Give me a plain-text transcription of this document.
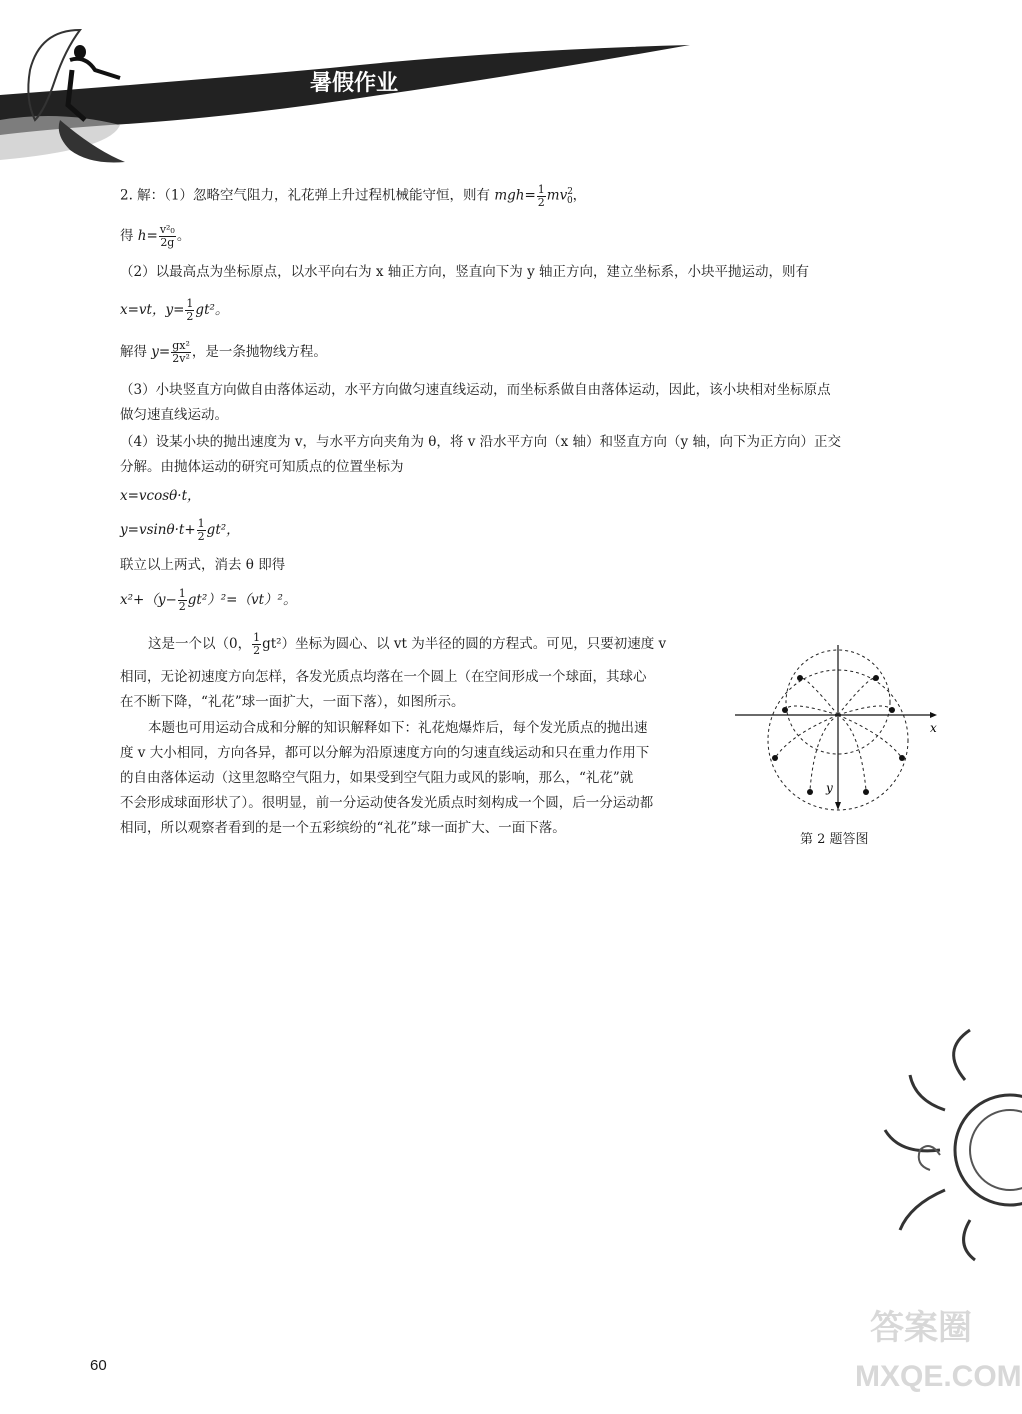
暑假作业
2. 解：（1）忽略空气阻力，礼花弹上升过程机械能守恒，则有 $mgh= \frac{1}{2} mv^2_0$，
得 $h= \frac{\text{v²₀}}{2g}$ 。
（2）以最高点为坐标原点，以水平向右为 x 轴正方向，竖直向下为 y 轴正方向，建立坐标系，小块平抛运动，则有
x=vt，$y= \frac{1}{2} gt^2$。
解得 $y= \frac{\text{gx²}}{\text{2v²}}$ ，是一条抛物线方程。
（3）小块竖直方向做自由落体运动，水平方向做匀速直线运动，而坐标系做自由落体运动，因此，该小块相对坐标原点
做匀速直线运动。
（4）设某小块的抛出速度为 v，与水平方向夹角为 θ，将 v 沿水平方向（x 轴）和竖直方向（y 轴，向下为正方向）正交
分解。由抛体运动的研究可知质点的位置坐标为
x=vcosθ·t，
$y=vsin\theta\cdot t+ \frac{1}{2} gt^2$，
联立以上两式，消去 θ 即得
$x^2+(y- \frac{1}{2} gt^2)^2=(vt)^2$。
这是一个以（0， $\frac{1}{2} gt^2$）坐标为圆心、以 vt 为半径的圆的方程式。可见，只要初速度 v
相同，无论初速度方向怎样，各发光质点均落在一个圆上（在空间形成一个球面，其球心
在不断下降，“礼花”球一面扩大，一面下落），如图所示。
本题也可用运动合成和分解的知识解释如下：礼花炮爆炸后，每个发光质点的抛出速
度 v 大小相同，方向各异，都可以分解为沿原速度方向的匀速直线运动和只在重力作用下
的自由落体运动（这里忽略空气阻力，如果受到空气阻力或风的影响，那么，“礼花”就
不会形成球面形状了）。很明显，前一分运动使各发光质点时刻构成一个圆，后一分运动都
相同，所以观察者看到的是一个五彩缤纷的“礼花”球一面扩大、一面下落。
x
y
第 2 题答图
60
答案圈
MXQE.COM
